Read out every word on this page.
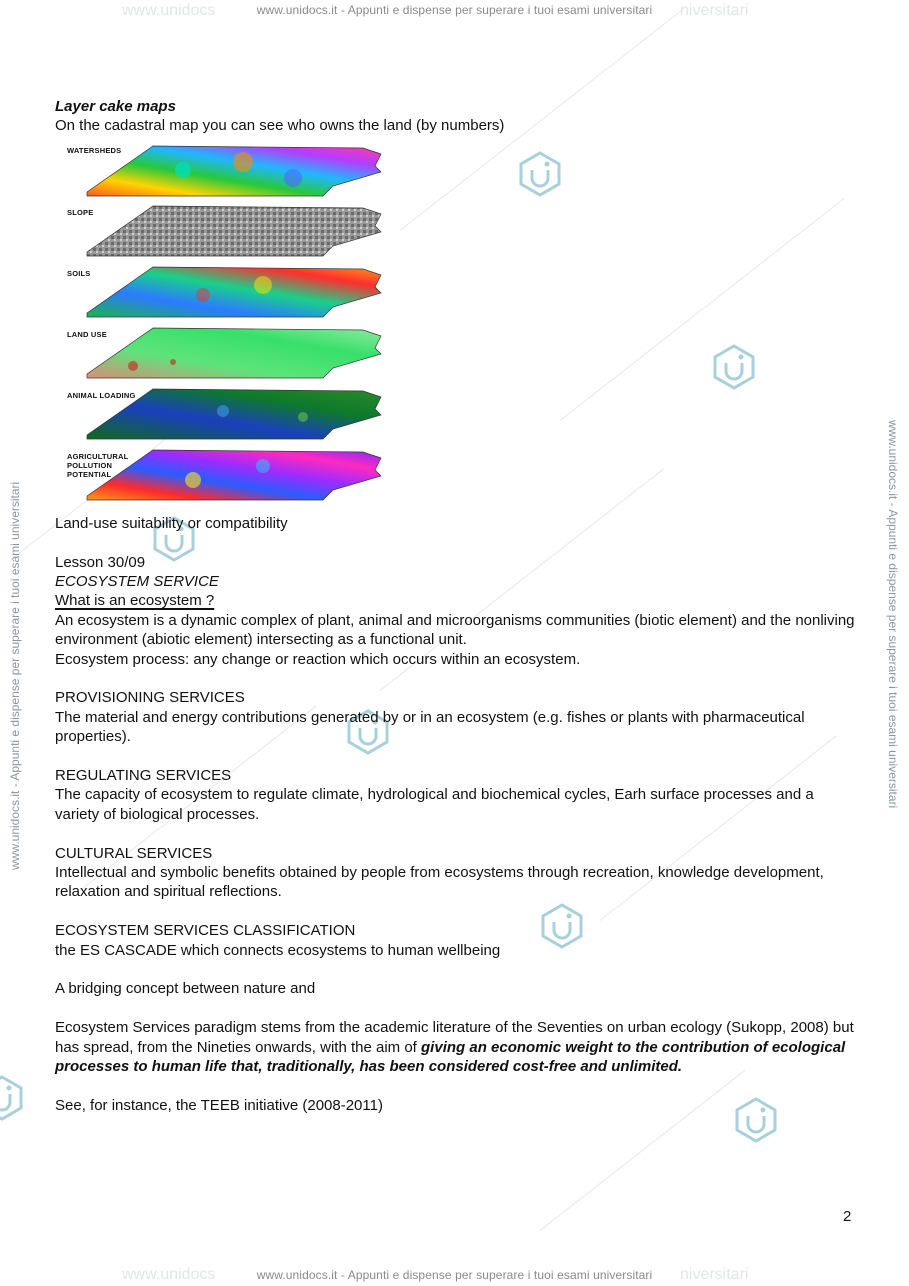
www.unidocs	niversitari
www.unidocs	niversitari
www.unidocs.it - Appunti e dispense per superare i tuoi esami universitari
www.unidocs.it - Appunti e dispense per superare i tuoi esami universitari
www.unidocs.it - Appunti e dispense per superare i tuoi esami universitari	www.unidocs.it - Appunti e dispense per superare i tuoi esami universitari

Layer cake maps

On the cadastral map you can see who owns the land (by numbers)

WATERSHEDS
SLOPE
SOILS
LAND USE
ANIMAL LOADING
AGRICULTURAL POLLUTION POTENTIAL

Land-use suitability or compatibility

Lesson 30/09

ECOSYSTEM SERVICE

What is an ecosystem ?

An ecosystem is a dynamic complex of plant, animal and microorganisms communities (biotic element) and the nonliving environment (abiotic element) intersecting as a functional unit.

Ecosystem process: any change or reaction which occurs within an ecosystem.

PROVISIONING SERVICES

The material and energy contributions generated by or in an ecosystem (e.g. fishes or plants with pharmaceutical properties).

REGULATING SERVICES

The capacity of ecosystem to regulate climate, hydrological and biochemical cycles, Earh surface processes and a variety of biological processes.

CULTURAL SERVICES

Intellectual and symbolic benefits obtained by people from ecosystems through recreation, knowledge development, relaxation and spiritual reflections.

ECOSYSTEM SERVICES CLASSIFICATION

the ES CASCADE which connects ecosystems to human wellbeing

A bridging concept between nature and

Ecosystem Services paradigm stems from the academic literature of the Seventies on urban ecology (Sukopp, 2008) but has spread, from the Nineties onwards, with the aim of giving an economic weight to the contribution of ecological processes to human life that, traditionally, has been considered cost-free and unlimited.

See, for instance, the TEEB initiative (2008-2011)

2
